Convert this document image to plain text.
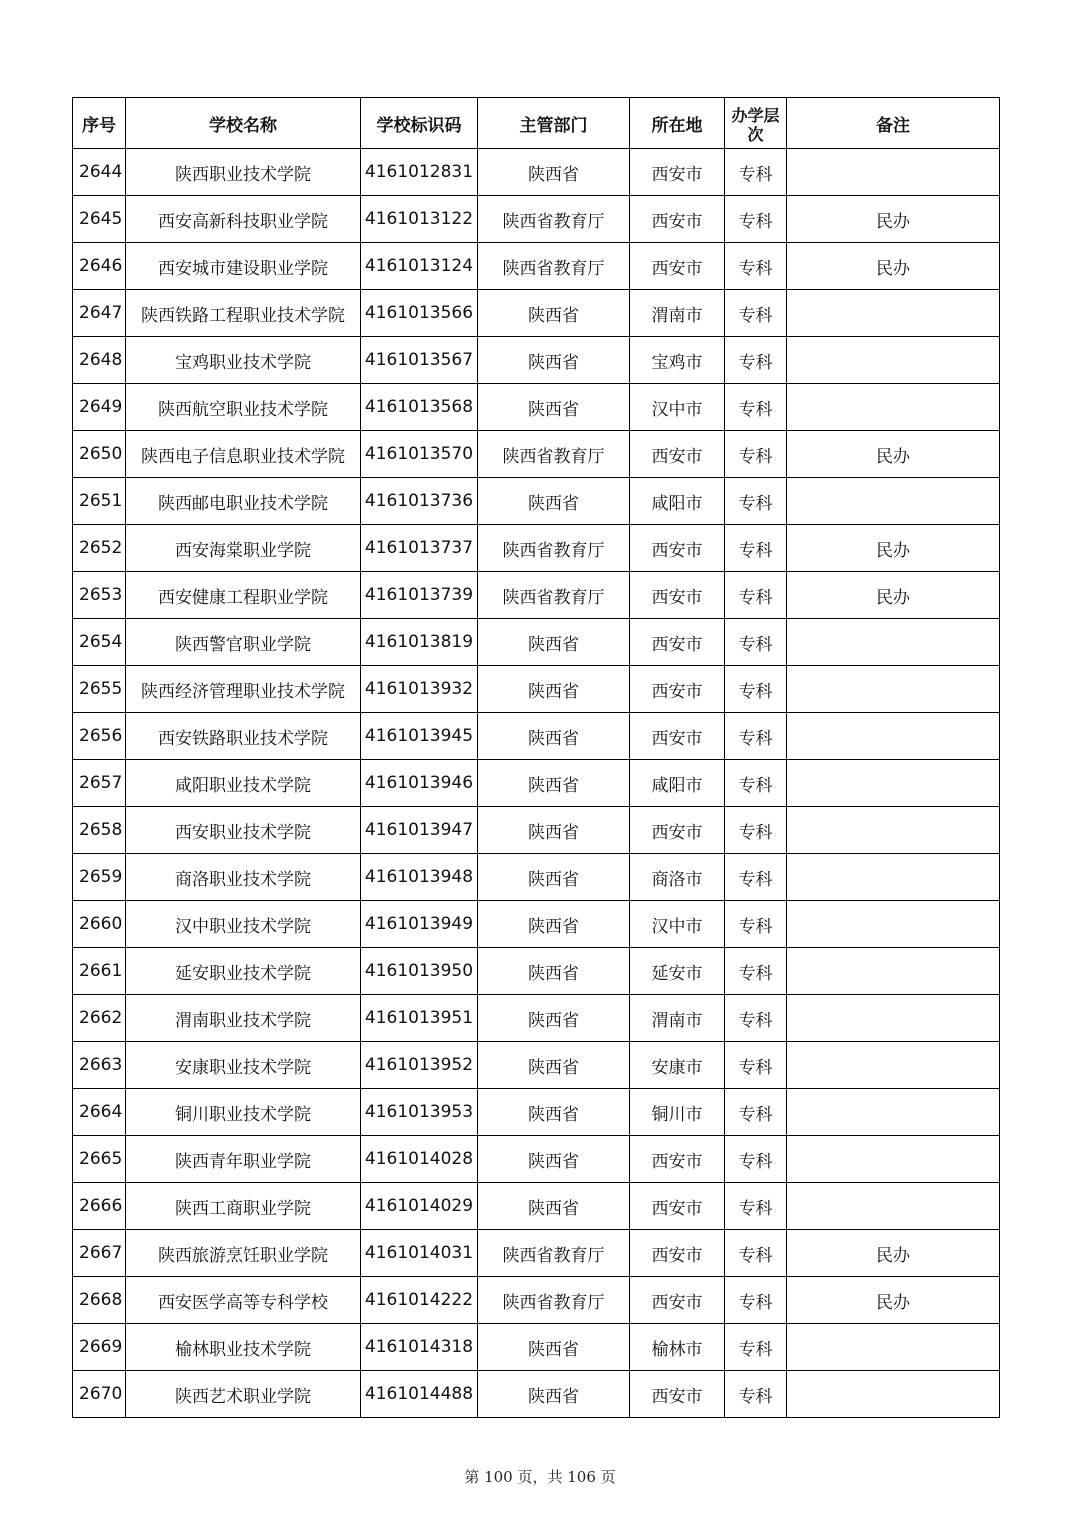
序号	学校名称	学校标识码	主管部门	所在地	办学层次	备注
2644	陕西职业技术学院	4161012831	陕西省	西安市	专科	
2645	西安高新科技职业学院	4161013122	陕西省教育厅	西安市	专科	民办
2646	西安城市建设职业学院	4161013124	陕西省教育厅	西安市	专科	民办
2647	陕西铁路工程职业技术学院	4161013566	陕西省	渭南市	专科	
2648	宝鸡职业技术学院	4161013567	陕西省	宝鸡市	专科	
2649	陕西航空职业技术学院	4161013568	陕西省	汉中市	专科	
2650	陕西电子信息职业技术学院	4161013570	陕西省教育厅	西安市	专科	民办
2651	陕西邮电职业技术学院	4161013736	陕西省	咸阳市	专科	
2652	西安海棠职业学院	4161013737	陕西省教育厅	西安市	专科	民办
2653	西安健康工程职业学院	4161013739	陕西省教育厅	西安市	专科	民办
2654	陕西警官职业学院	4161013819	陕西省	西安市	专科	
2655	陕西经济管理职业技术学院	4161013932	陕西省	西安市	专科	
2656	西安铁路职业技术学院	4161013945	陕西省	西安市	专科	
2657	咸阳职业技术学院	4161013946	陕西省	咸阳市	专科	
2658	西安职业技术学院	4161013947	陕西省	西安市	专科	
2659	商洛职业技术学院	4161013948	陕西省	商洛市	专科	
2660	汉中职业技术学院	4161013949	陕西省	汉中市	专科	
2661	延安职业技术学院	4161013950	陕西省	延安市	专科	
2662	渭南职业技术学院	4161013951	陕西省	渭南市	专科	
2663	安康职业技术学院	4161013952	陕西省	安康市	专科	
2664	铜川职业技术学院	4161013953	陕西省	铜川市	专科	
2665	陕西青年职业学院	4161014028	陕西省	西安市	专科	
2666	陕西工商职业学院	4161014029	陕西省	西安市	专科	
2667	陕西旅游烹饪职业学院	4161014031	陕西省教育厅	西安市	专科	民办
2668	西安医学高等专科学校	4161014222	陕西省教育厅	西安市	专科	民办
2669	榆林职业技术学院	4161014318	陕西省	榆林市	专科	
2670	陕西艺术职业学院	4161014488	陕西省	西安市	专科	
第 100 页，共 106 页
